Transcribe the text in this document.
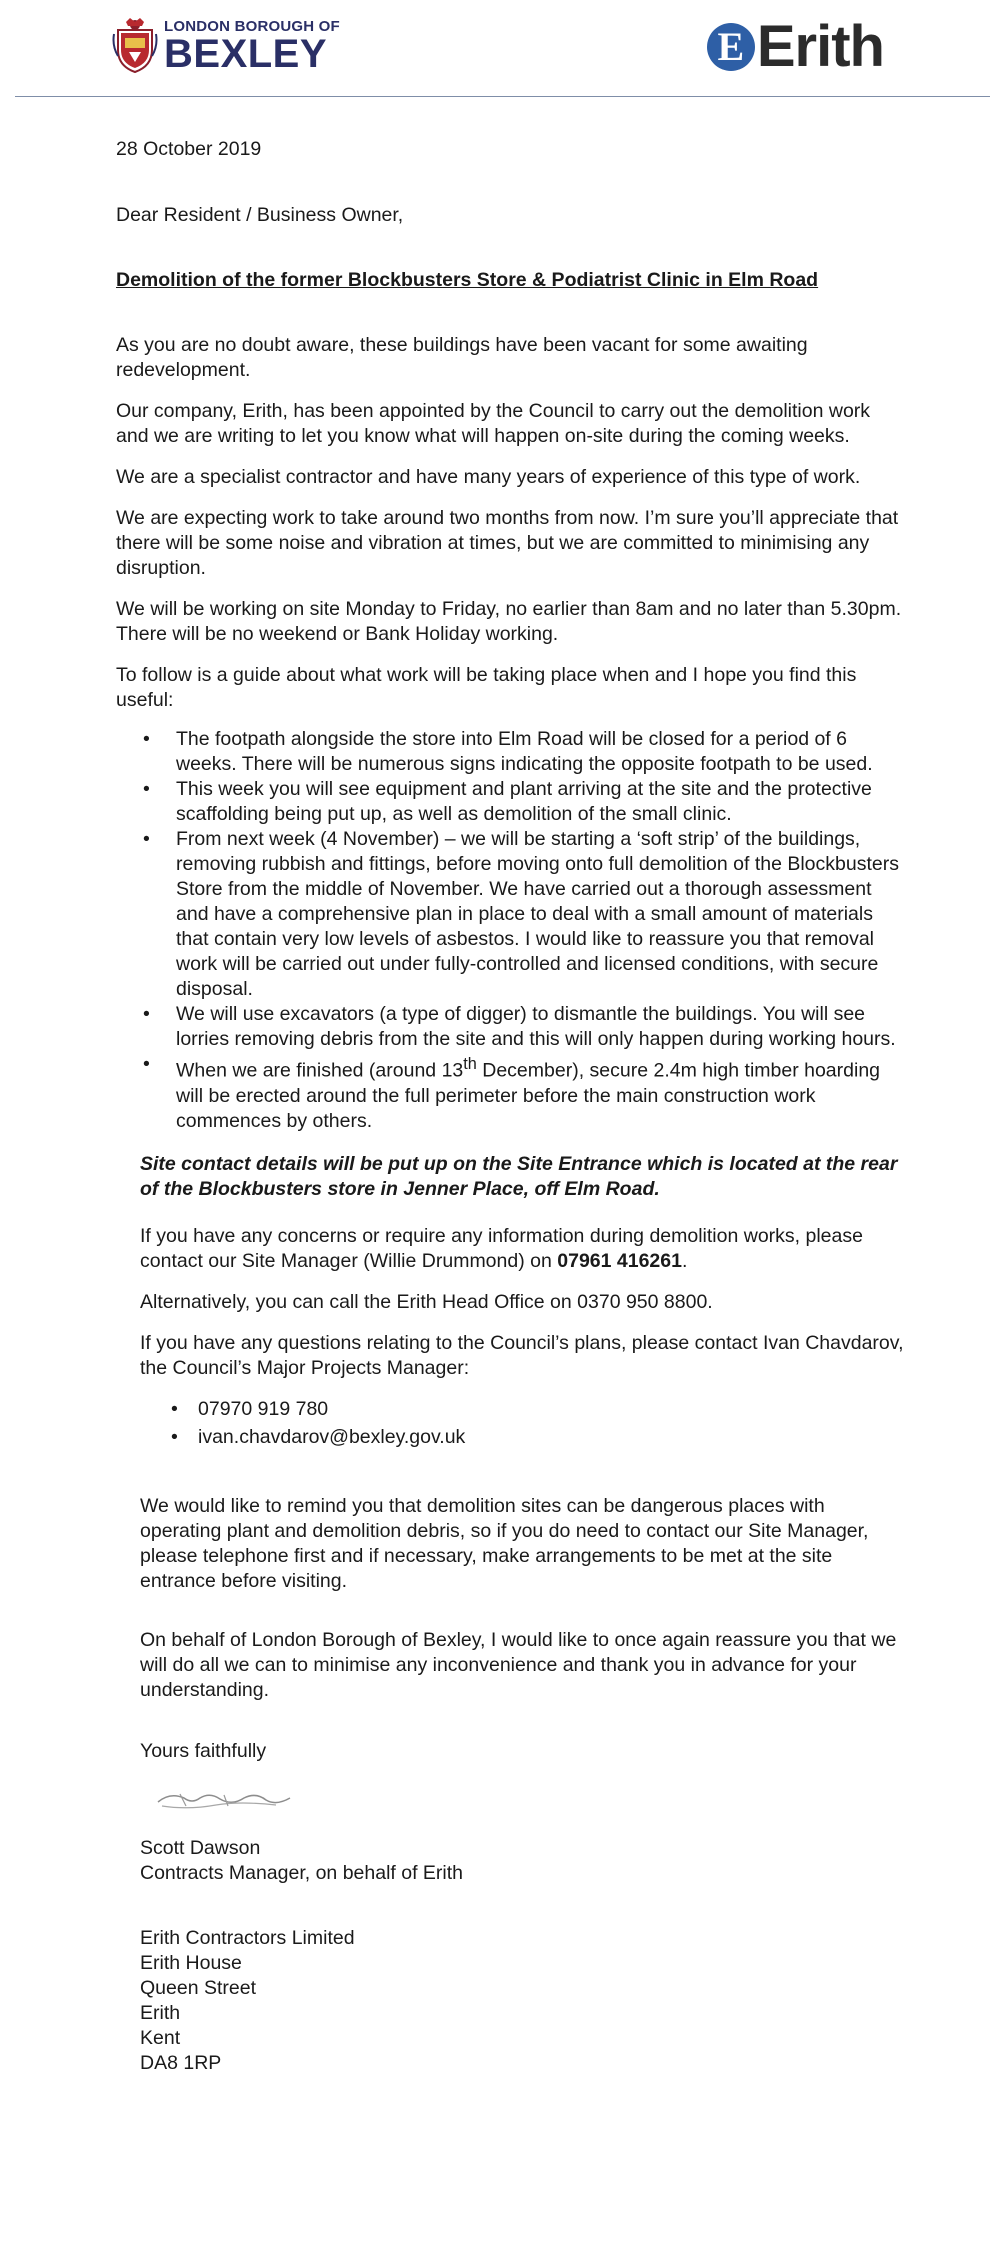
LONDON BOROUGH OF
BEXLEY	E Erith

28 October 2019

Dear Resident / Business Owner,

Demolition of the former Blockbusters Store & Podiatrist Clinic in Elm Road

As you are no doubt aware, these buildings have been vacant for some awaiting redevelopment.

Our company, Erith, has been appointed by the Council to carry out the demolition work and we are writing to let you know what will happen on-site during the coming weeks.

We are a specialist contractor and have many years of experience of this type of work.

We are expecting work to take around two months from now. I’m sure you’ll appreciate that there will be some noise and vibration at times, but we are committed to minimising any disruption.

We will be working on site Monday to Friday, no earlier than 8am and no later than 5.30pm. There will be no weekend or Bank Holiday working.

To follow is a guide about what work will be taking place when and I hope you find this useful:

• The footpath alongside the store into Elm Road will be closed for a period of 6 weeks. There will be numerous signs indicating the opposite footpath to be used.
• This week you will see equipment and plant arriving at the site and the protective scaffolding being put up, as well as demolition of the small clinic.
• From next week (4 November) – we will be starting a ‘soft strip’ of the buildings, removing rubbish and fittings, before moving onto full demolition of the Blockbusters Store from the middle of November. We have carried out a thorough assessment and have a comprehensive plan in place to deal with a small amount of materials that contain very low levels of asbestos. I would like to reassure you that removal work will be carried out under fully-controlled and licensed conditions, with secure disposal.
• We will use excavators (a type of digger) to dismantle the buildings. You will see lorries removing debris from the site and this will only happen during working hours.
• When we are finished (around 13th December), secure 2.4m high timber hoarding will be erected around the full perimeter before the main construction work commences by others.

Site contact details will be put up on the Site Entrance which is located at the rear of the Blockbusters store in Jenner Place, off Elm Road.

If you have any concerns or require any information during demolition works, please contact our Site Manager (Willie Drummond) on 07961 416261.

Alternatively, you can call the Erith Head Office on 0370 950 8800.

If you have any questions relating to the Council’s plans, please contact Ivan Chavdarov, the Council’s Major Projects Manager:

• 07970 919 780
• ivan.chavdarov@bexley.gov.uk

We would like to remind you that demolition sites can be dangerous places with operating plant and demolition debris, so if you do need to contact our Site Manager, please telephone first and if necessary, make arrangements to be met at the site entrance before visiting.

On behalf of London Borough of Bexley, I would like to once again reassure you that we will do all we can to minimise any inconvenience and thank you in advance for your understanding.

Yours faithfully

Scott Dawson

Contracts Manager, on behalf of Erith

Erith Contractors Limited

Erith House

Queen Street

Erith

Kent

DA8 1RP
